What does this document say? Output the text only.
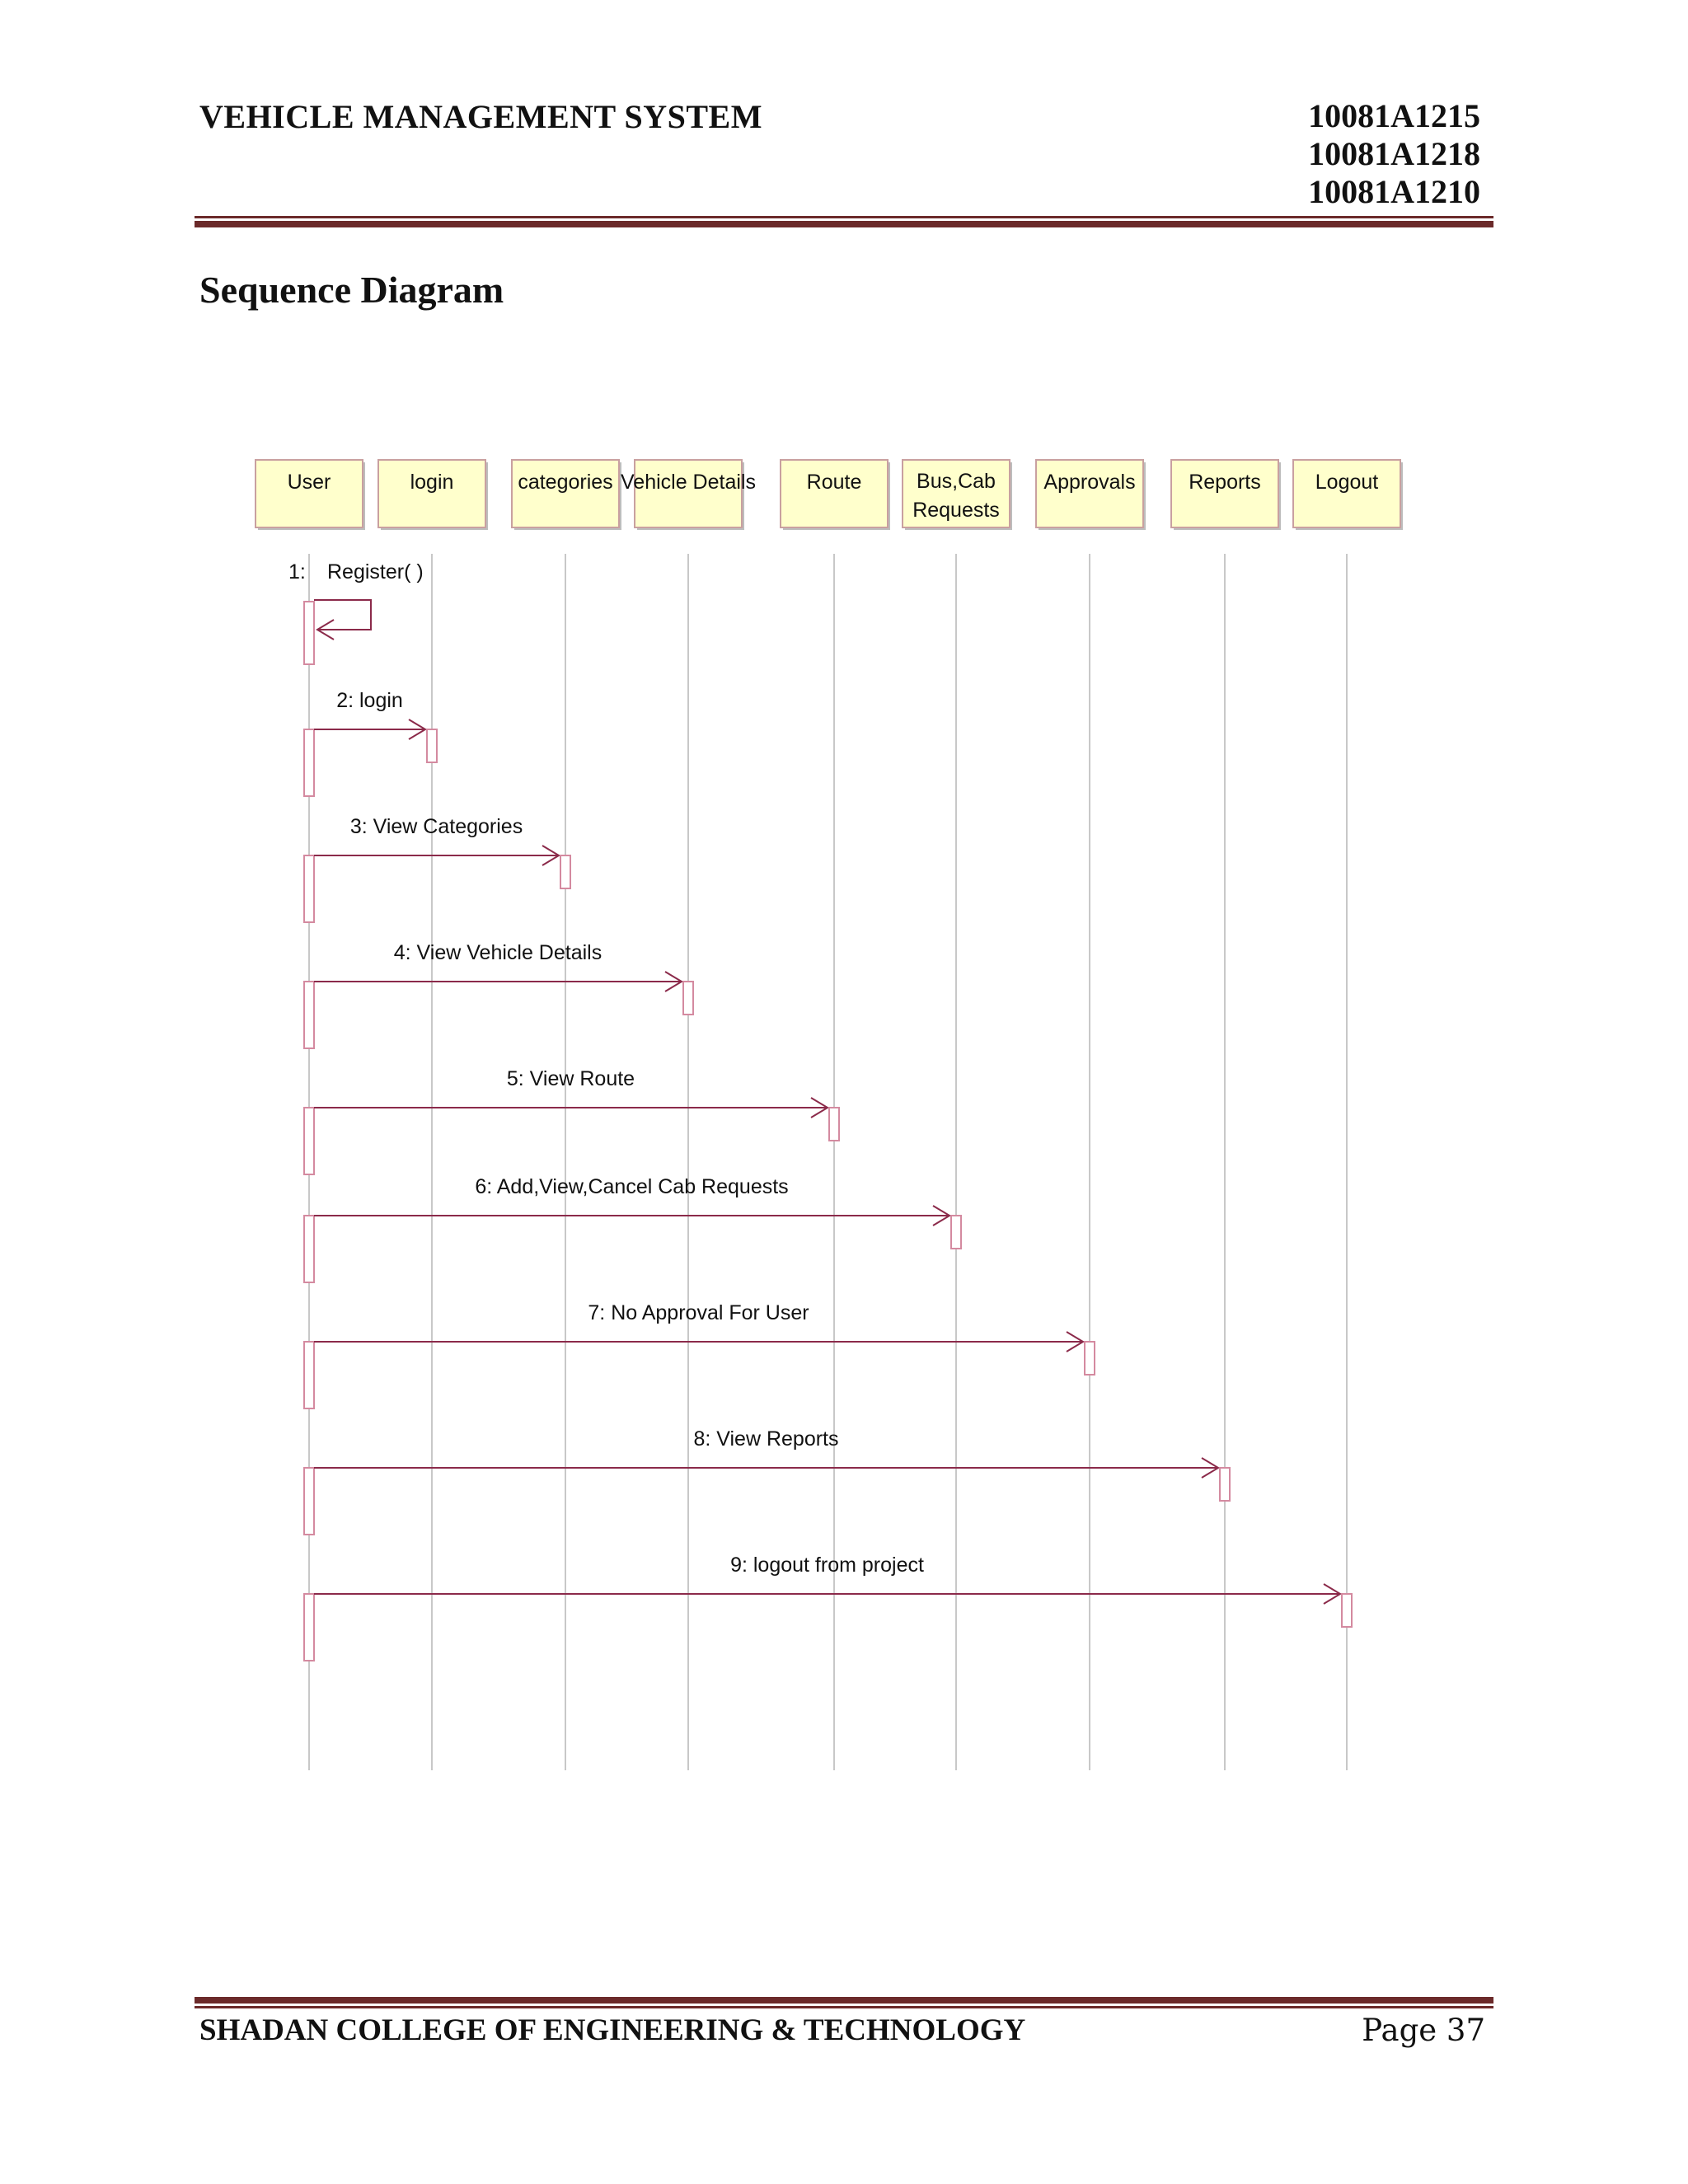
VEHICLE MANAGEMENT SYSTEM	10081A1215
10081A1218
10081A1210
Sequence Diagram
User	login	categories Vehicle Details Route	Bus,Cab
Requests
Approvals	Reports	Logout
1: Register( )
2: login
3: View Categories
4: View Vehicle Details
5: View Route
6: Add,View,Cancel Cab Requests
7: No Approval For User
8: View Reports
9: logout from project
SHADAN COLLEGE OF ENGINEERING & TECHNOLOGY	Page 37
